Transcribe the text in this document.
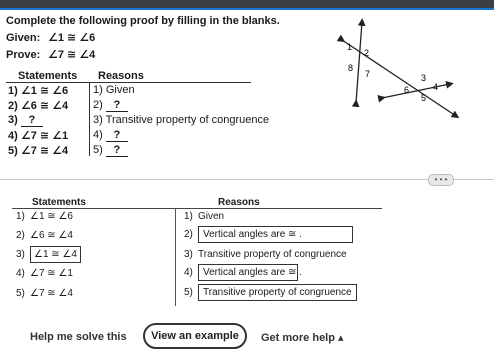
Complete the following proof by filling in the blanks.
Given: ∠1 ≅ ∠6
Prove: ∠7 ≅ ∠4
1
2
8
7	3
4
6
5
Statements Reasons
1) ∠1 ≅ ∠6 1) Given
2) ∠6 ≅ ∠4 2) ?
3) ?	3) Transitive property of congruence
4) ∠7 ≅ ∠1 4) ?
5) ∠7 ≅ ∠4 5) ?
• • •
Statements	Reasons
1) ∠1 ≅ ∠6	1) Given
2) ∠6 ≅ ∠4	2) Vertical angles are ≅ .
3) ∠1 ≅ ∠4	3) Transitive property of congruence
4) ∠7 ≅ ∠1	4) Vertical angles are ≅ .
5) ∠7 ≅ ∠4	5) Transitive property of congruence
Help me solve this	View an example	Get more help ▴
